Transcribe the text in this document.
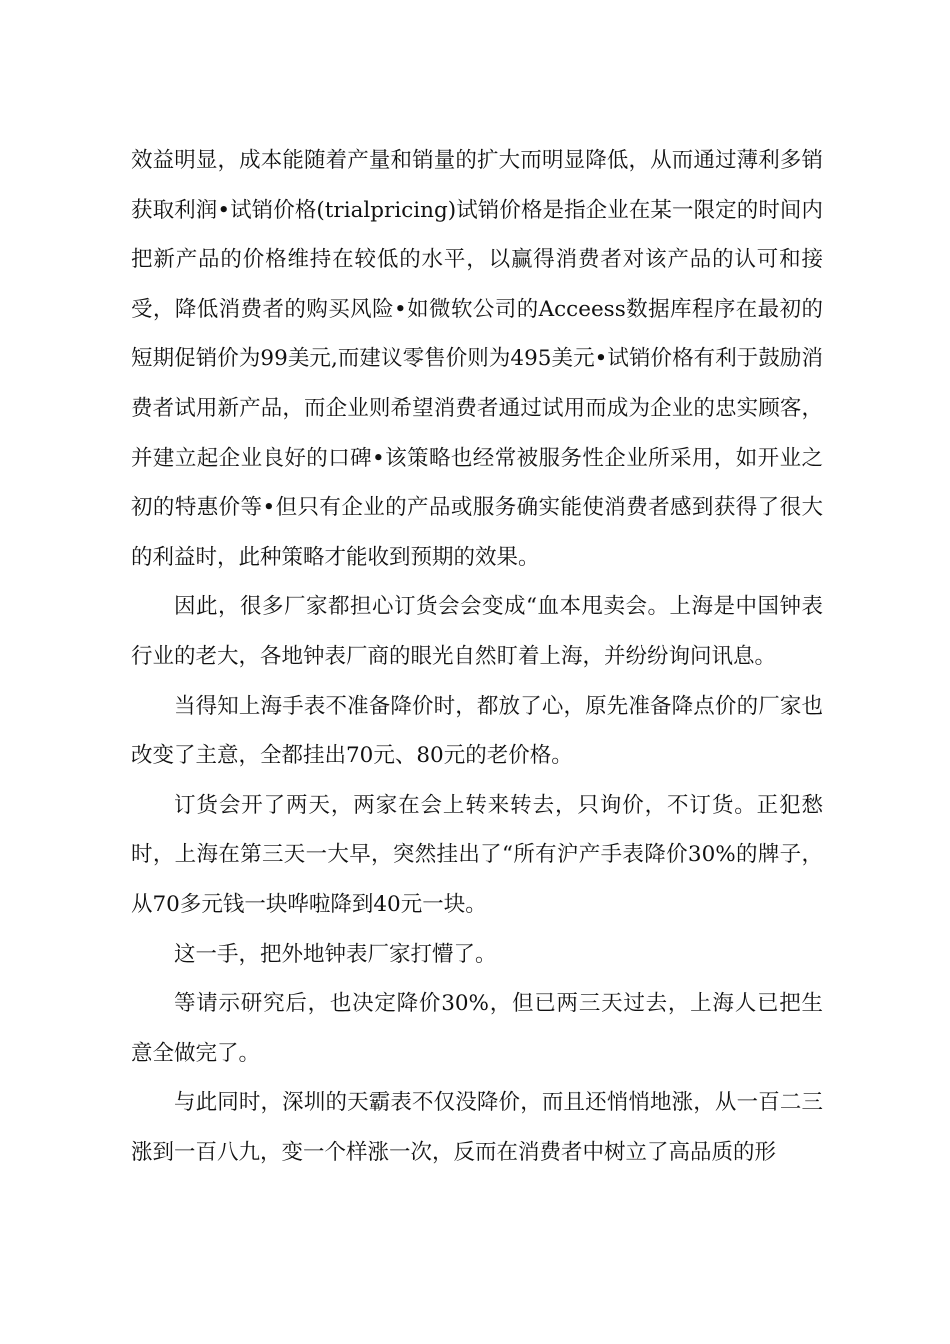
效益明显，成本能随着产量和销量的扩大而明显降低，从而通过薄利多销获取利润•试销价格(trialpricing)试销价格是指企业在某一限定的时间内把新产品的价格维持在较低的水平，以赢得消费者对该产品的认可和接受，降低消费者的购买风险•如微软公司的Acceess数据库程序在最初的短期促销价为99美元,而建议零售价则为495美元•试销价格有利于鼓励消费者试用新产品，而企业则希望消费者通过试用而成为企业的忠实顾客，并建立起企业良好的口碑•该策略也经常被服务性企业所采用，如开业之初的特惠价等•但只有企业的产品或服务确实能使消费者感到获得了很大的利益时，此种策略才能收到预期的效果。

因此，很多厂家都担心订货会会变成“血本甩卖会。上海是中国钟表行业的老大，各地钟表厂商的眼光自然盯着上海，并纷纷询问讯息。

当得知上海手表不准备降价时，都放了心，原先准备降点价的厂家也改变了主意，全都挂出70元、80元的老价格。

订货会开了两天，两家在会上转来转去，只询价，不订货。正犯愁时，上海在第三天一大早，突然挂出了“所有沪产手表降价30%的牌子，从70多元钱一块哗啦降到40元一块。

这一手，把外地钟表厂家打懵了。

等请示研究后，也决定降价30%，但已两三天过去，上海人已把生意全做完了。

与此同时，深圳的天霸表不仅没降价，而且还悄悄地涨，从一百二三涨到一百八九，变一个样涨一次，反而在消费者中树立了高品质的形
